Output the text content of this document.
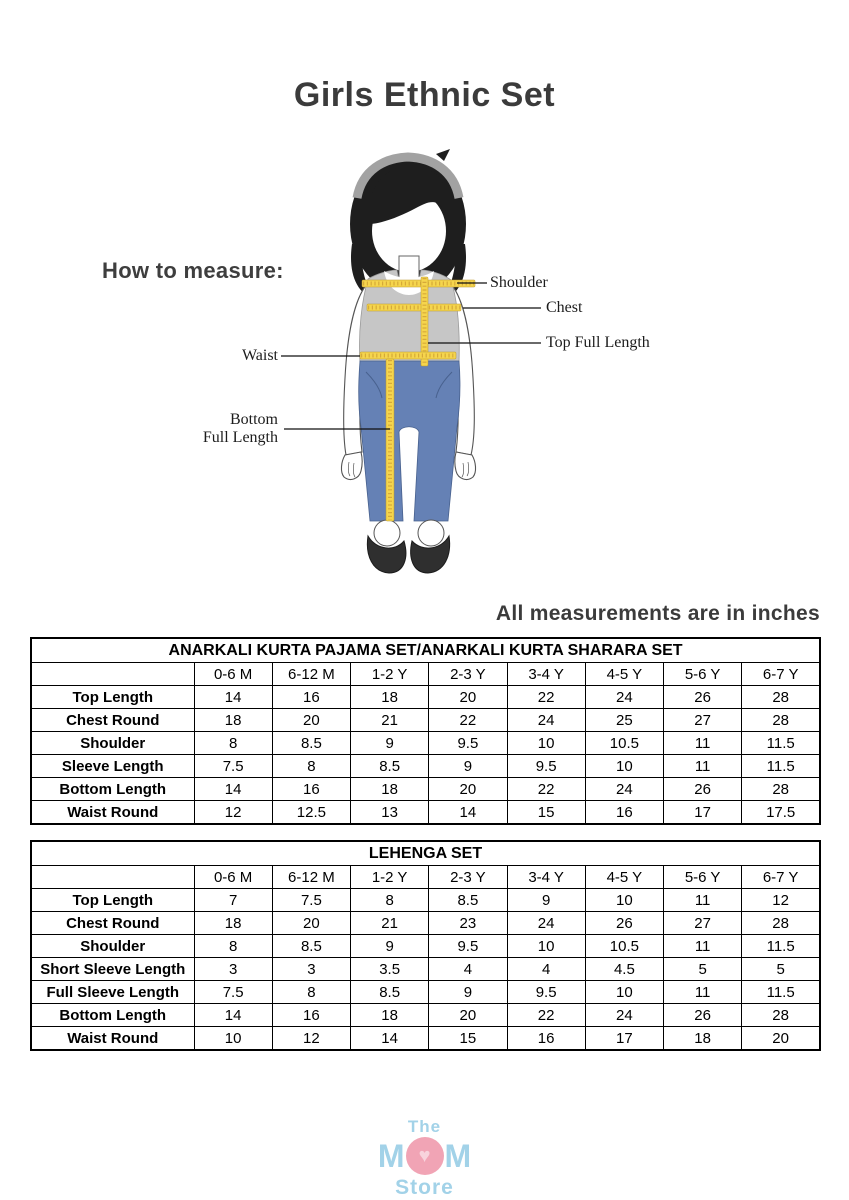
Girls Ethnic Set
How to measure:	Shoulder
Chest
Top Full Length
Waist
Bottom
Full Length
All measurements are in inches
ANARKALI KURTA PAJAMA SET/ANARKALI KURTA SHARARA SET								
	0-6 M	6-12 M	1-2 Y	2-3 Y	3-4 Y	4-5 Y	5-6 Y	6-7 Y
Top Length	14	16	18	20	22	24	26	28
Chest Round	18	20	21	22	24	25	27	28
Shoulder	8	8.5	9	9.5	10	10.5	11	11.5
Sleeve Length	7.5	8	8.5	9	9.5	10	11	11.5
Bottom Length	14	16	18	20	22	24	26	28
Waist Round	12	12.5	13	14	15	16	17	17.5
LEHENGA SET								
	0-6 M	6-12 M	1-2 Y	2-3 Y	3-4 Y	4-5 Y	5-6 Y	6-7 Y
Top Length	7	7.5	8	8.5	9	10	11	12
Chest Round	18	20	21	23	24	26	27	28
Shoulder	8	8.5	9	9.5	10	10.5	11	11.5
Short Sleeve Length	3	3	3.5	4	4	4.5	5	5
Full Sleeve Length	7.5	8	8.5	9	9.5	10	11	11.5
Bottom Length	14	16	18	20	22	24	26	28
Waist Round	10	12	14	15	16	17	18	20
The
M ♥ M
Store
